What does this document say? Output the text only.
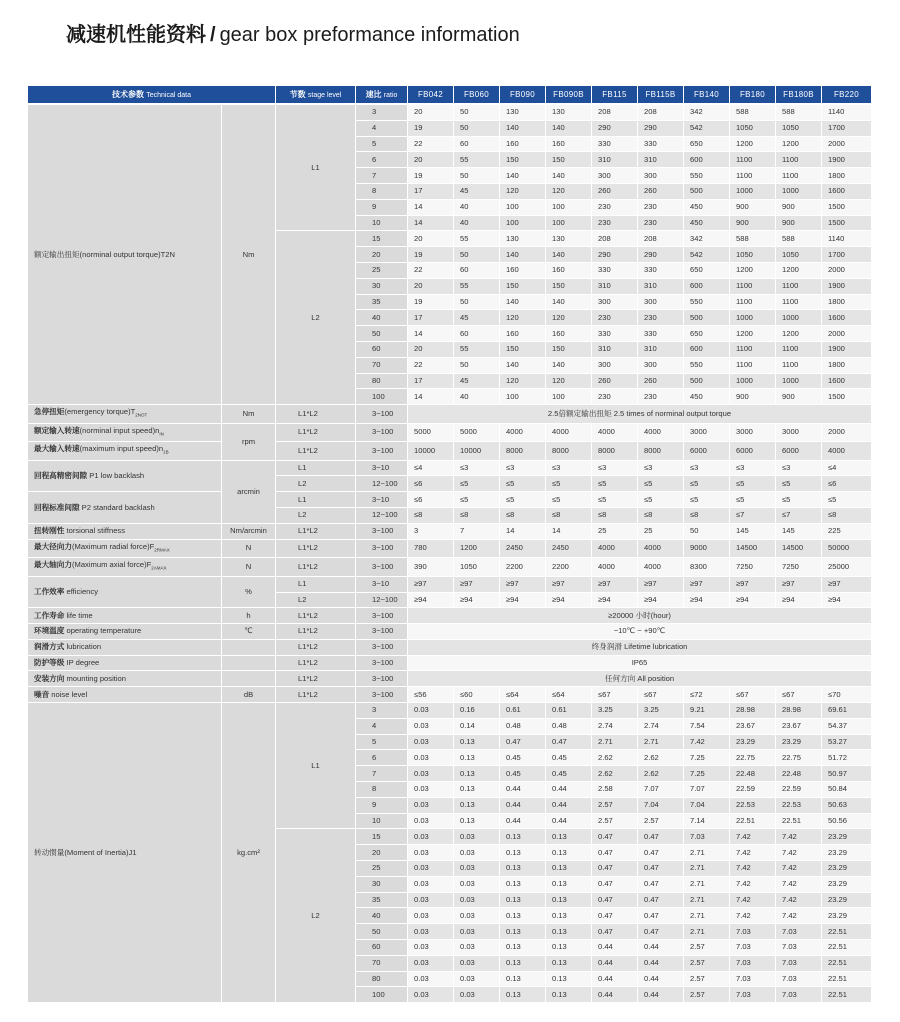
减速机性能资料 / gear box preformance information
技术参数 Technical data		节数 stage level	速比 ratio	FB042	FB060	FB090	FB090B	FB115	FB115B	FB140	FB180	FB180B	FB220
额定输出扭矩(norminal output torque)T2N	Nm	L1	3	20	50	130	130	208	208	342	588	588	1140
			4	19	50	140	140	290	290	542	1050	1050	1700
			5	22	60	160	160	330	330	650	1200	1200	2000
			6	20	55	150	150	310	310	600	1100	1100	1900
			7	19	50	140	140	300	300	550	1100	1100	1800
			8	17	45	120	120	260	260	500	1000	1000	1600
			9	14	40	100	100	230	230	450	900	900	1500
			10	14	40	100	100	230	230	450	900	900	1500
		L2	15	20	55	130	130	208	208	342	588	588	1140
			20	19	50	140	140	290	290	542	1050	1050	1700
			25	22	60	160	160	330	330	650	1200	1200	2000
			30	20	55	150	150	310	310	600	1100	1100	1900
			35	19	50	140	140	300	300	550	1100	1100	1800
			40	17	45	120	120	230	230	500	1000	1000	1600
			50	14	60	160	160	330	330	650	1200	1200	2000
			60	20	55	150	150	310	310	600	1100	1100	1900
			70	22	50	140	140	300	300	550	1100	1100	1800
			80	17	45	120	120	260	260	500	1000	1000	1600
			100	14	40	100	100	230	230	450	900	900	1500
急停扭矩(emergency $torque)T_{2NOT}$	Nm	L1*L2	3~100	2.5倍额定输出扭矩 2.5 times of norminal output torque									
额定输入转速(norminal input $speed)n_{IN}$	rpm	L1*L2	3~100	5000	5000	4000	4000	4000	4000	3000	3000	3000	2000
最大输入转速(maximum input $speed)n_{1B}$		L1*L2	3~100	10000	10000	8000	8000	8000	8000	6000	6000	6000	4000
回程高精密间隙 P1 low backlash	arcmin	L1	3~10	≤4	≤3	≤3	≤3	≤3	≤3	≤3	≤3	≤3	≤4
		L2	12~100	≤6	≤5	≤5	≤5	≤5	≤5	≤5	≤5	≤5	≤6
回程标准间隙 P2 standard backlash		L1	3~10	≤6	≤5	≤5	≤5	≤5	≤5	≤5	≤5	≤5	≤5
		L2	12~100	≤8	≤8	≤8	≤8	≤8	≤8	≤8	≤7	≤7	≤8
扭转刚性 torsional stiffness	Nm/arcmin	L1*L2	3~100	3	7	14	14	25	25	50	145	145	225
最大径向力(Maximum radial $force)F_{2RMAX}$	N	L1*L2	3~100	780	1200	2450	2450	4000	4000	9000	14500	14500	50000
最大轴向力(Maximum axial $force)F_{2AMAX}$	N	L1*L2	3~100	390	1050	2200	2200	4000	4000	8300	7250	7250	25000
工作效率 efficiency	%	L1	3~10	≥97	≥97	≥97	≥97	≥97	≥97	≥97	≥97	≥97	≥97
		L2	12~100	≥94	≥94	≥94	≥94	≥94	≥94	≥94	≥94	≥94	≥94
工作寿命 life time	h	L1*L2	3~100	≥20000 小时(hour)									
环境温度 operating temperature	℃	L1*L2	3~100	−10℃ ~ +90℃									
润滑方式 lubrication		L1*L2	3~100	终身润滑 Lifetime lubrication									
防护等级 IP degree		L1*L2	3~100	IP65									
安装方向 mounting position		L1*L2	3~100	任何方向 All position									
噪音 noise level	dB	L1*L2	3~100	≤56	≤60	≤64	≤64	≤67	≤67	≤72	≤67	≤67	≤70
转动惯量(Moment of Inertia)J1	kg.cm²	L1	3	0.03	0.16	0.61	0.61	3.25	3.25	9.21	28.98	28.98	69.61
			4	0.03	0.14	0.48	0.48	2.74	2.74	7.54	23.67	23.67	54.37
			5	0.03	0.13	0.47	0.47	2.71	2.71	7.42	23.29	23.29	53.27
			6	0.03	0.13	0.45	0.45	2.62	2.62	7.25	22.75	22.75	51.72
			7	0.03	0.13	0.45	0.45	2.62	2.62	7.25	22.48	22.48	50.97
			8	0.03	0.13	0.44	0.44	2.58	7.07	7.07	22.59	22.59	50.84
			9	0.03	0.13	0.44	0.44	2.57	7.04	7.04	22.53	22.53	50.63
			10	0.03	0.13	0.44	0.44	2.57	2.57	7.14	22.51	22.51	50.56
		L2	15	0.03	0.03	0.13	0.13	0.47	0.47	7.03	7.42	7.42	23.29
			20	0.03	0.03	0.13	0.13	0.47	0.47	2.71	7.42	7.42	23.29
			25	0.03	0.03	0.13	0.13	0.47	0.47	2.71	7.42	7.42	23.29
			30	0.03	0.03	0.13	0.13	0.47	0.47	2.71	7.42	7.42	23.29
			35	0.03	0.03	0.13	0.13	0.47	0.47	2.71	7.42	7.42	23.29
			40	0.03	0.03	0.13	0.13	0.47	0.47	2.71	7.42	7.42	23.29
			50	0.03	0.03	0.13	0.13	0.47	0.47	2.71	7.03	7.03	22.51
			60	0.03	0.03	0.13	0.13	0.44	0.44	2.57	7.03	7.03	22.51
			70	0.03	0.03	0.13	0.13	0.44	0.44	2.57	7.03	7.03	22.51
			80	0.03	0.03	0.13	0.13	0.44	0.44	2.57	7.03	7.03	22.51
			100	0.03	0.03	0.13	0.13	0.44	0.44	2.57	7.03	7.03	22.51
